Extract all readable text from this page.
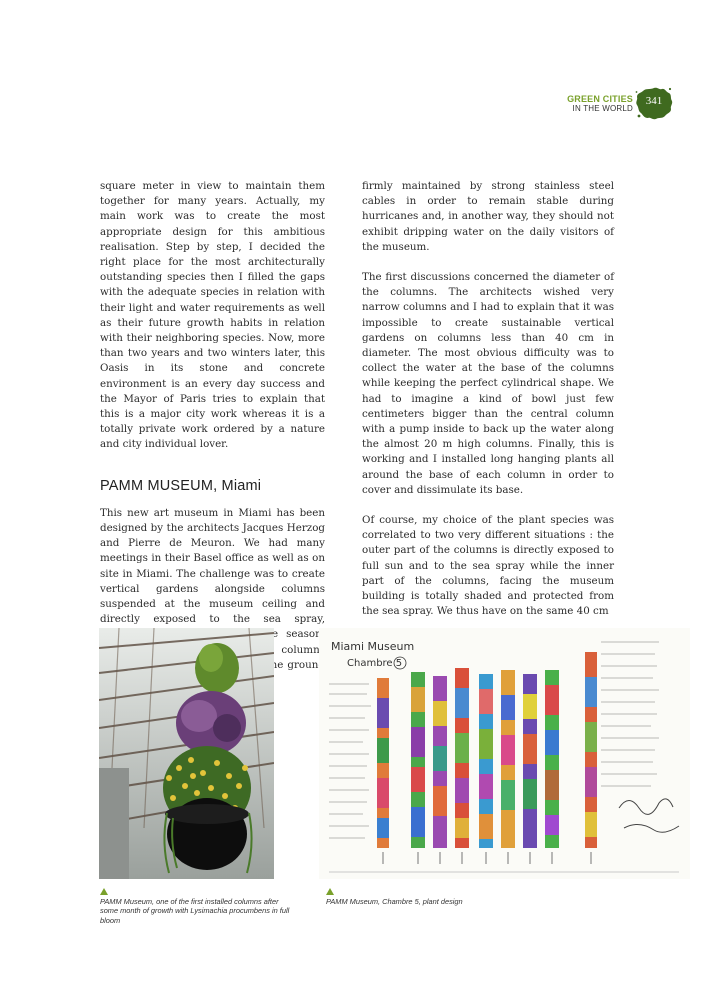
GREEN CITIES
IN THE WORLD
341

square meter in view to maintain them together for many years. Actually, my main work was to create the most appropriate design for this ambitious realisation. Step by step, I decided the right place for the most architecturally outstanding species then I filled the gaps with the adequate species in relation with their light and water requirements as well as their future growth habits in relation with their neighboring species. Now, more than two years and two winters later, this Oasis in its stone and concrete environment is an every day success and the Mayor of Paris tries to explain that this is a major city work whereas it is a totally private work ordered by a nature and city individual lover.

PAMM MUSEUM, Miami

This new art museum in Miami has been designed by the architects Jacques Herzog and Pierre de Meuron. We had many meetings in their Basel office as well as on site in Miami. The challenge was to create vertical gardens alongside columns suspended at the museum ceiling and directly exposed to the sea spray, season. columns the ground

firmly maintained by strong stainless steel cables in order to remain stable during hurricanes and, in another way, they should not exhibit dripping water on the daily visitors of the museum.

The first discussions concerned the diameter of the columns. The architects wished very narrow columns and I had to explain that it was impossible to create sustainable vertical gardens on columns less than 40 cm in diameter. The most obvious difficulty was to collect the water at the base of the columns while keeping the perfect cylindrical shape. We had to imagine a kind of bowl just few centimeters bigger than the central column with a pump inside to back up the water along the almost 20 m high columns. Finally, this is working and I installed long hanging plants all around the base of each column in order to cover and dissimulate its base.

Of course, my choice of the plant species was correlated to two very different situations : the outer part of the columns is directly exposed to full sun and to the sea spray while the inner part of the columns, facing the museum building is totally shaded and protected from the sea spray. We thus have on the same 40 cm

Miami Museum
Chambre 5
PAMM Museum, one of the first installed columns after some month of growth with Lysimachia procumbens in full bloom
PAMM Museum, Chambre 5, plant design
